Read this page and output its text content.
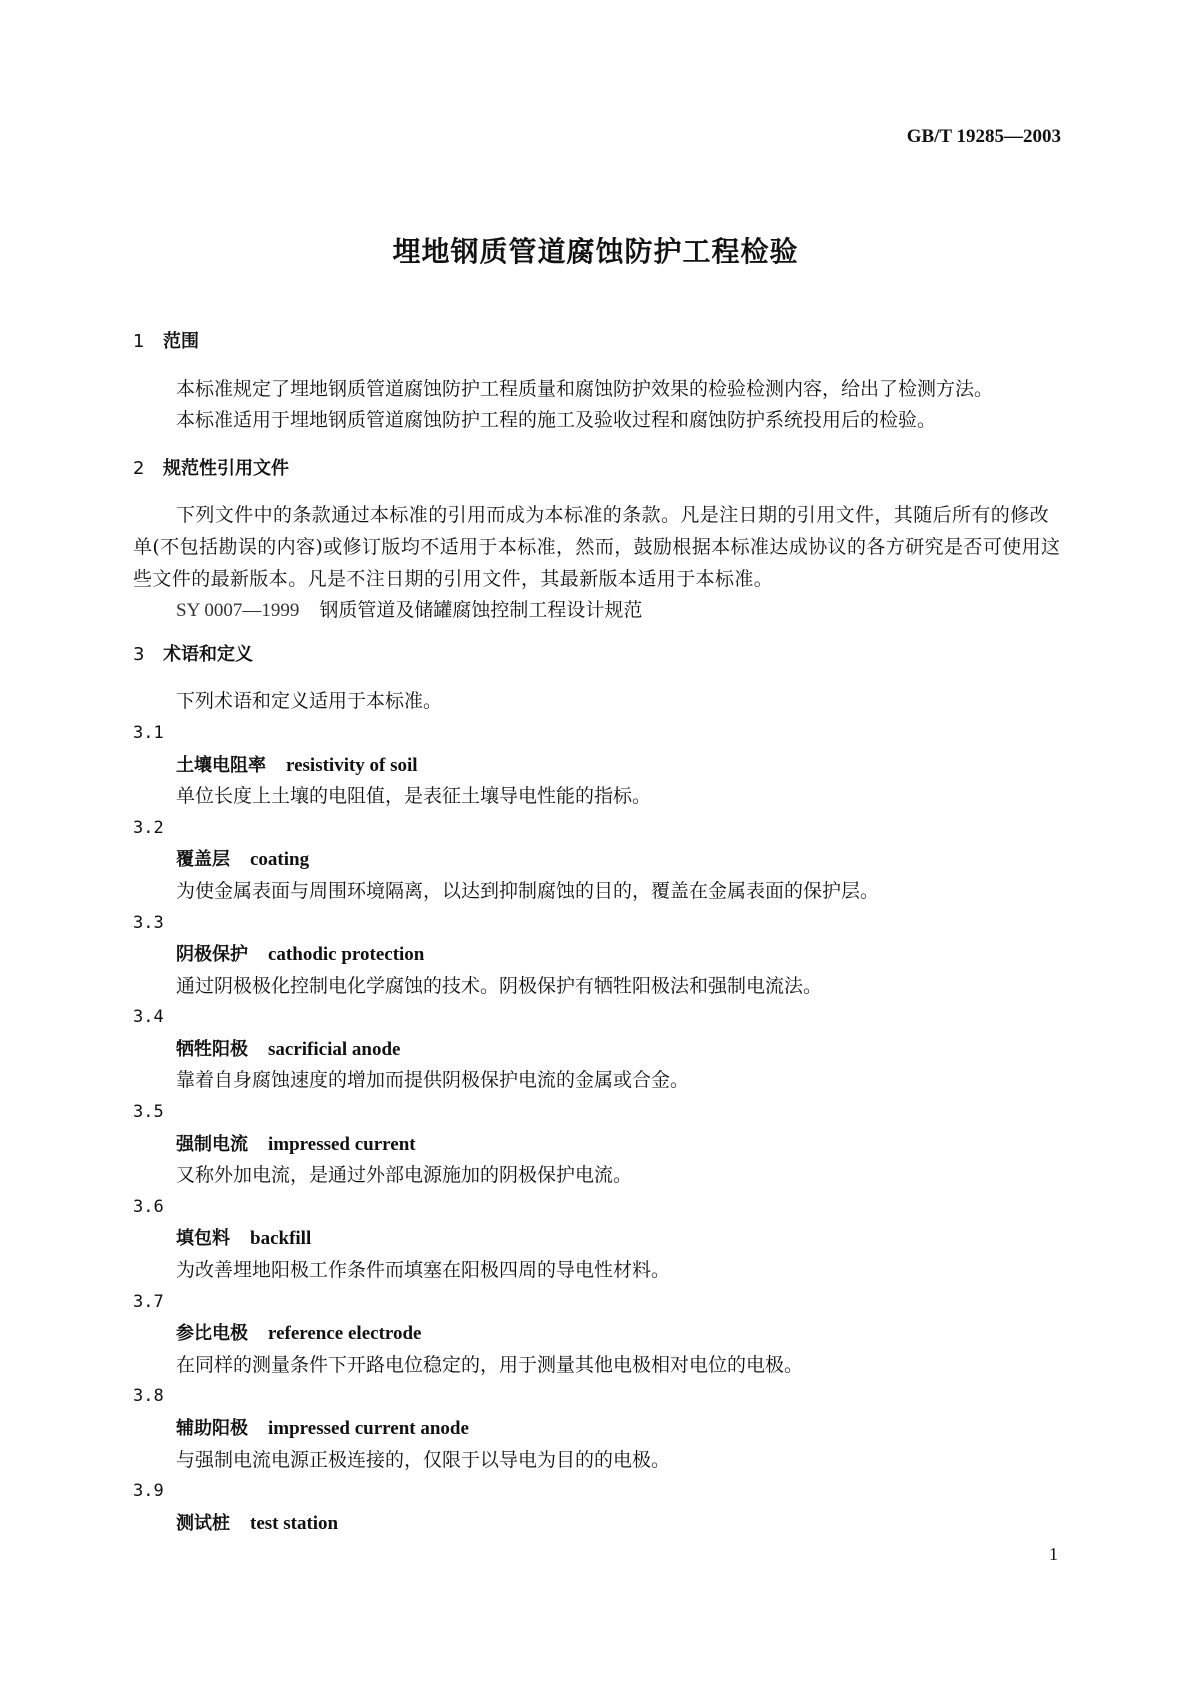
GB/T 19285—2003
埋地钢质管道腐蚀防护工程检验

1 范围

本标准规定了埋地钢质管道腐蚀防护工程质量和腐蚀防护效果的检验检测内容，给出了检测方法。

本标准适用于埋地钢质管道腐蚀防护工程的施工及验收过程和腐蚀防护系统投用后的检验。

2 规范性引用文件

下列文件中的条款通过本标准的引用而成为本标准的条款。凡是注日期的引用文件，其随后所有的修改单(不包括勘误的内容)或修订版均不适用于本标准，然而，鼓励根据本标准达成协议的各方研究是否可使用这些文件的最新版本。凡是不注日期的引用文件，其最新版本适用于本标准。

SY 0007—1999 钢质管道及储罐腐蚀控制工程设计规范

3 术语和定义

下列术语和定义适用于本标准。

3.1

土壤电阻率 resistivity of soil

单位长度上土壤的电阻值，是表征土壤导电性能的指标。

3.2

覆盖层 coating

为使金属表面与周围环境隔离，以达到抑制腐蚀的目的，覆盖在金属表面的保护层。

3.3

阴极保护 cathodic protection

通过阴极极化控制电化学腐蚀的技术。阴极保护有牺牲阳极法和强制电流法。

3.4

牺牲阳极 sacrificial anode

靠着自身腐蚀速度的增加而提供阴极保护电流的金属或合金。

3.5

强制电流 impressed current

又称外加电流，是通过外部电源施加的阴极保护电流。

3.6

填包料 backfill

为改善埋地阳极工作条件而填塞在阳极四周的导电性材料。

3.7

参比电极 reference electrode

在同样的测量条件下开路电位稳定的，用于测量其他电极相对电位的电极。

3.8

辅助阳极 impressed current anode

与强制电流电源正极连接的，仅限于以导电为目的的电极。

3.9

测试桩 test station

1
